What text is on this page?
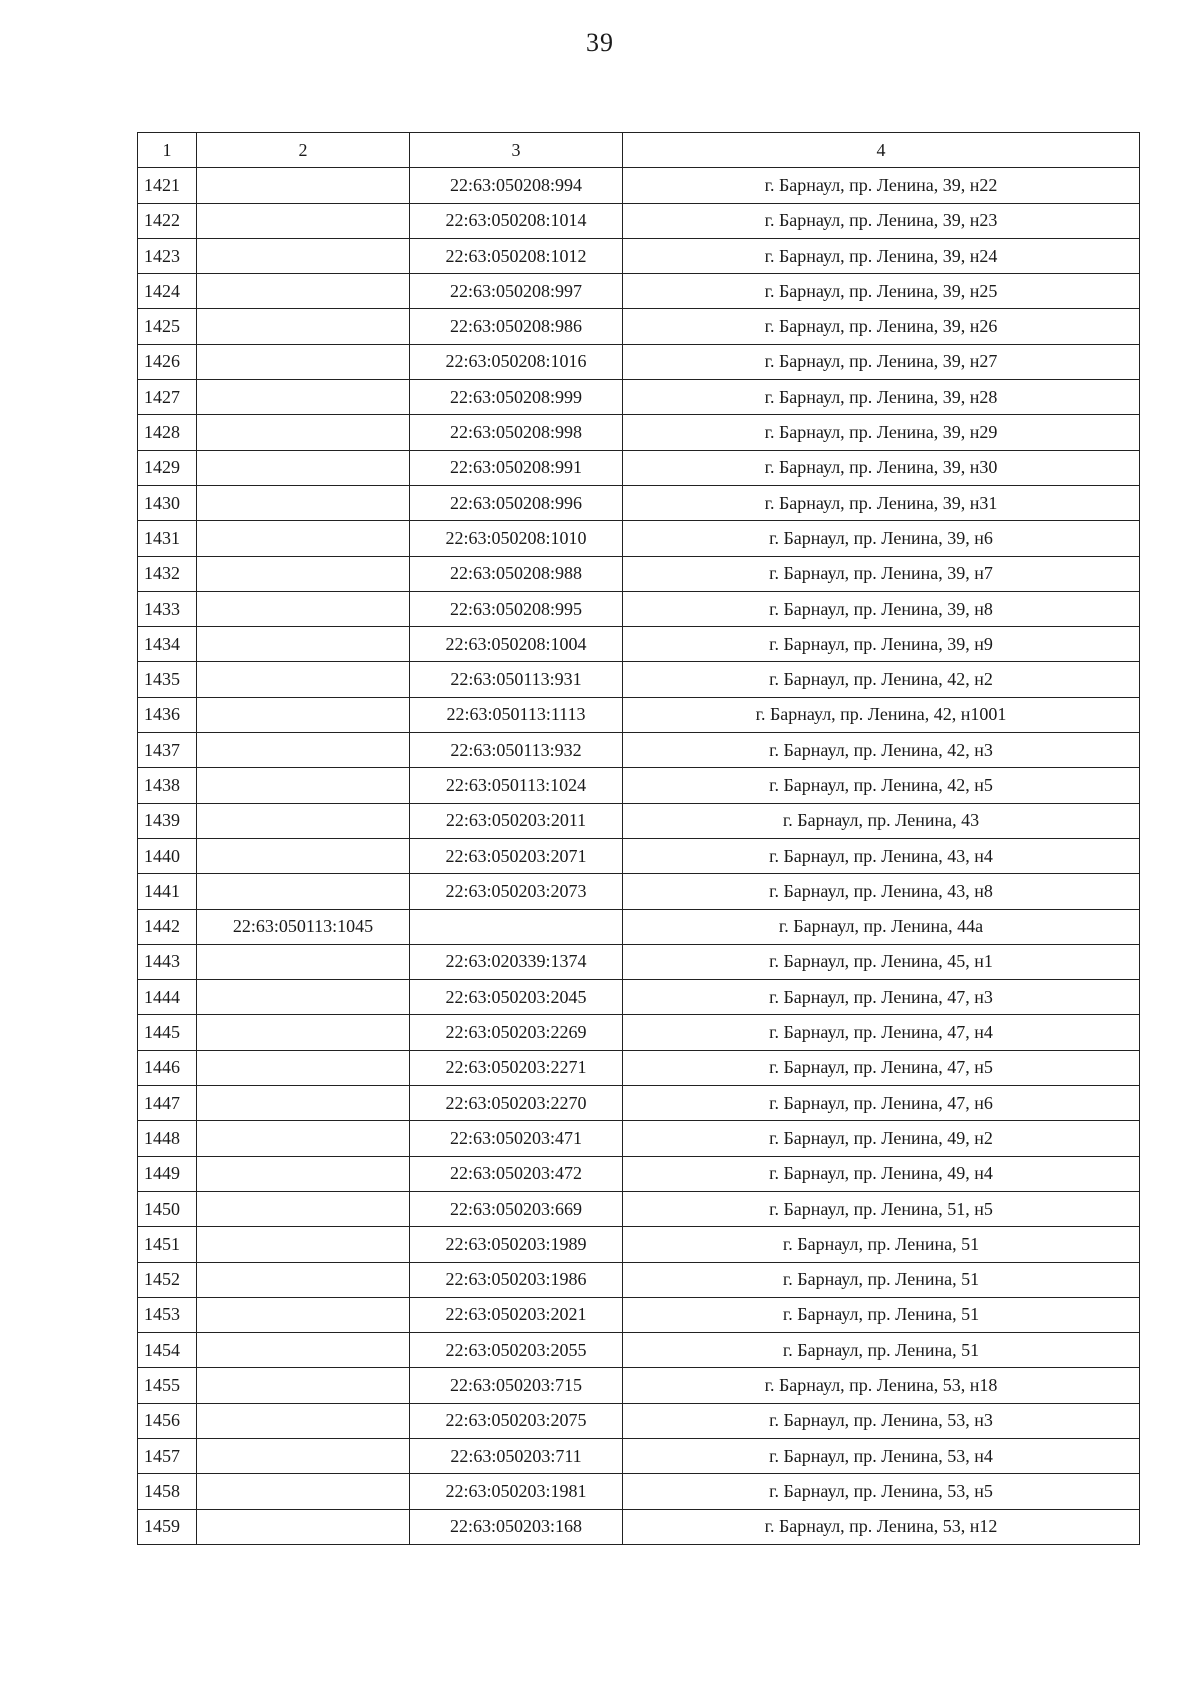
39
1	2	3	4
1421		22:63:050208:994	г. Барнаул, пр. Ленина, 39, н22
1422		22:63:050208:1014	г. Барнаул, пр. Ленина, 39, н23
1423		22:63:050208:1012	г. Барнаул, пр. Ленина, 39, н24
1424		22:63:050208:997	г. Барнаул, пр. Ленина, 39, н25
1425		22:63:050208:986	г. Барнаул, пр. Ленина, 39, н26
1426		22:63:050208:1016	г. Барнаул, пр. Ленина, 39, н27
1427		22:63:050208:999	г. Барнаул, пр. Ленина, 39, н28
1428		22:63:050208:998	г. Барнаул, пр. Ленина, 39, н29
1429		22:63:050208:991	г. Барнаул, пр. Ленина, 39, н30
1430		22:63:050208:996	г. Барнаул, пр. Ленина, 39, н31
1431		22:63:050208:1010	г. Барнаул, пр. Ленина, 39, н6
1432		22:63:050208:988	г. Барнаул, пр. Ленина, 39, н7
1433		22:63:050208:995	г. Барнаул, пр. Ленина, 39, н8
1434		22:63:050208:1004	г. Барнаул, пр. Ленина, 39, н9
1435		22:63:050113:931	г. Барнаул, пр. Ленина, 42, н2
1436		22:63:050113:1113	г. Барнаул, пр. Ленина, 42, н1001
1437		22:63:050113:932	г. Барнаул, пр. Ленина, 42, н3
1438		22:63:050113:1024	г. Барнаул, пр. Ленина, 42, н5
1439		22:63:050203:2011	г. Барнаул, пр. Ленина, 43
1440		22:63:050203:2071	г. Барнаул, пр. Ленина, 43, н4
1441		22:63:050203:2073	г. Барнаул, пр. Ленина, 43, н8
1442	22:63:050113:1045		г. Барнаул, пр. Ленина, 44а
1443		22:63:020339:1374	г. Барнаул, пр. Ленина, 45, н1
1444		22:63:050203:2045	г. Барнаул, пр. Ленина, 47, н3
1445		22:63:050203:2269	г. Барнаул, пр. Ленина, 47, н4
1446		22:63:050203:2271	г. Барнаул, пр. Ленина, 47, н5
1447		22:63:050203:2270	г. Барнаул, пр. Ленина, 47, н6
1448		22:63:050203:471	г. Барнаул, пр. Ленина, 49, н2
1449		22:63:050203:472	г. Барнаул, пр. Ленина, 49, н4
1450		22:63:050203:669	г. Барнаул, пр. Ленина, 51, н5
1451		22:63:050203:1989	г. Барнаул, пр. Ленина, 51
1452		22:63:050203:1986	г. Барнаул, пр. Ленина, 51
1453		22:63:050203:2021	г. Барнаул, пр. Ленина, 51
1454		22:63:050203:2055	г. Барнаул, пр. Ленина, 51
1455		22:63:050203:715	г. Барнаул, пр. Ленина, 53, н18
1456		22:63:050203:2075	г. Барнаул, пр. Ленина, 53, н3
1457		22:63:050203:711	г. Барнаул, пр. Ленина, 53, н4
1458		22:63:050203:1981	г. Барнаул, пр. Ленина, 53, н5
1459		22:63:050203:168	г. Барнаул, пр. Ленина, 53, н12
